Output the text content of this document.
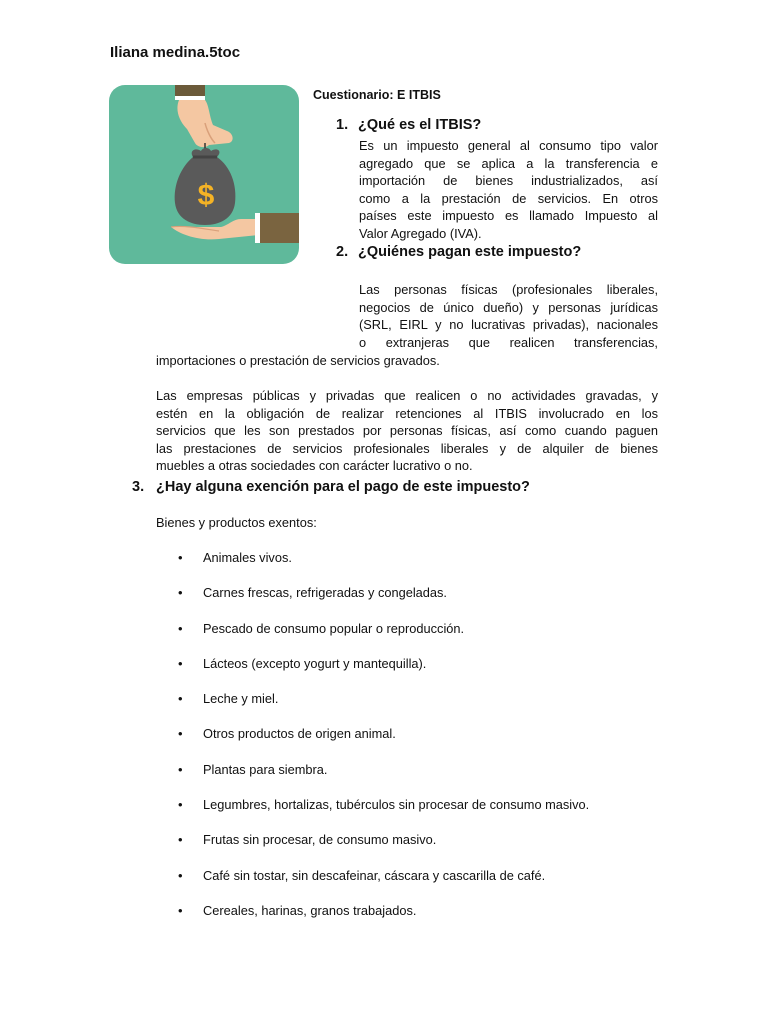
Iliana medina.5toc
$
Cuestionario: E ITBIS
1. ¿Qué es el ITBIS?
Es un impuesto general al consumo tipo valor
agregado que se aplica a la transferencia e
importación de bienes industrializados, así
como a la prestación de servicios. En otros
países este impuesto es llamado Impuesto al
Valor Agregado (IVA).
2. ¿Quiénes pagan este impuesto?
Las personas físicas (profesionales liberales,
negocios de único dueño) y personas jurídicas
(SRL, EIRL y no lucrativas privadas), nacionales
o extranjeras que realicen transferencias,
importaciones o prestación de servicios gravados.
Las empresas públicas y privadas que realicen o no actividades gravadas, y
estén en la obligación de realizar retenciones al ITBIS involucrado en los
servicios que les son prestados por personas físicas, así como cuando paguen
las prestaciones de servicios profesionales liberales y de alquiler de bienes
muebles a otras sociedades con carácter lucrativo o no.
3. ¿Hay alguna exención para el pago de este impuesto?
Bienes y productos exentos:
• Animales vivos.
• Carnes frescas, refrigeradas y congeladas.
• Pescado de consumo popular o reproducción.
• Lácteos (excepto yogurt y mantequilla).
• Leche y miel.
• Otros productos de origen animal.
• Plantas para siembra.
• Legumbres, hortalizas, tubérculos sin procesar de consumo masivo.
• Frutas sin procesar, de consumo masivo.
• Café sin tostar, sin descafeinar, cáscara y cascarilla de café.
• Cereales, harinas, granos trabajados.
